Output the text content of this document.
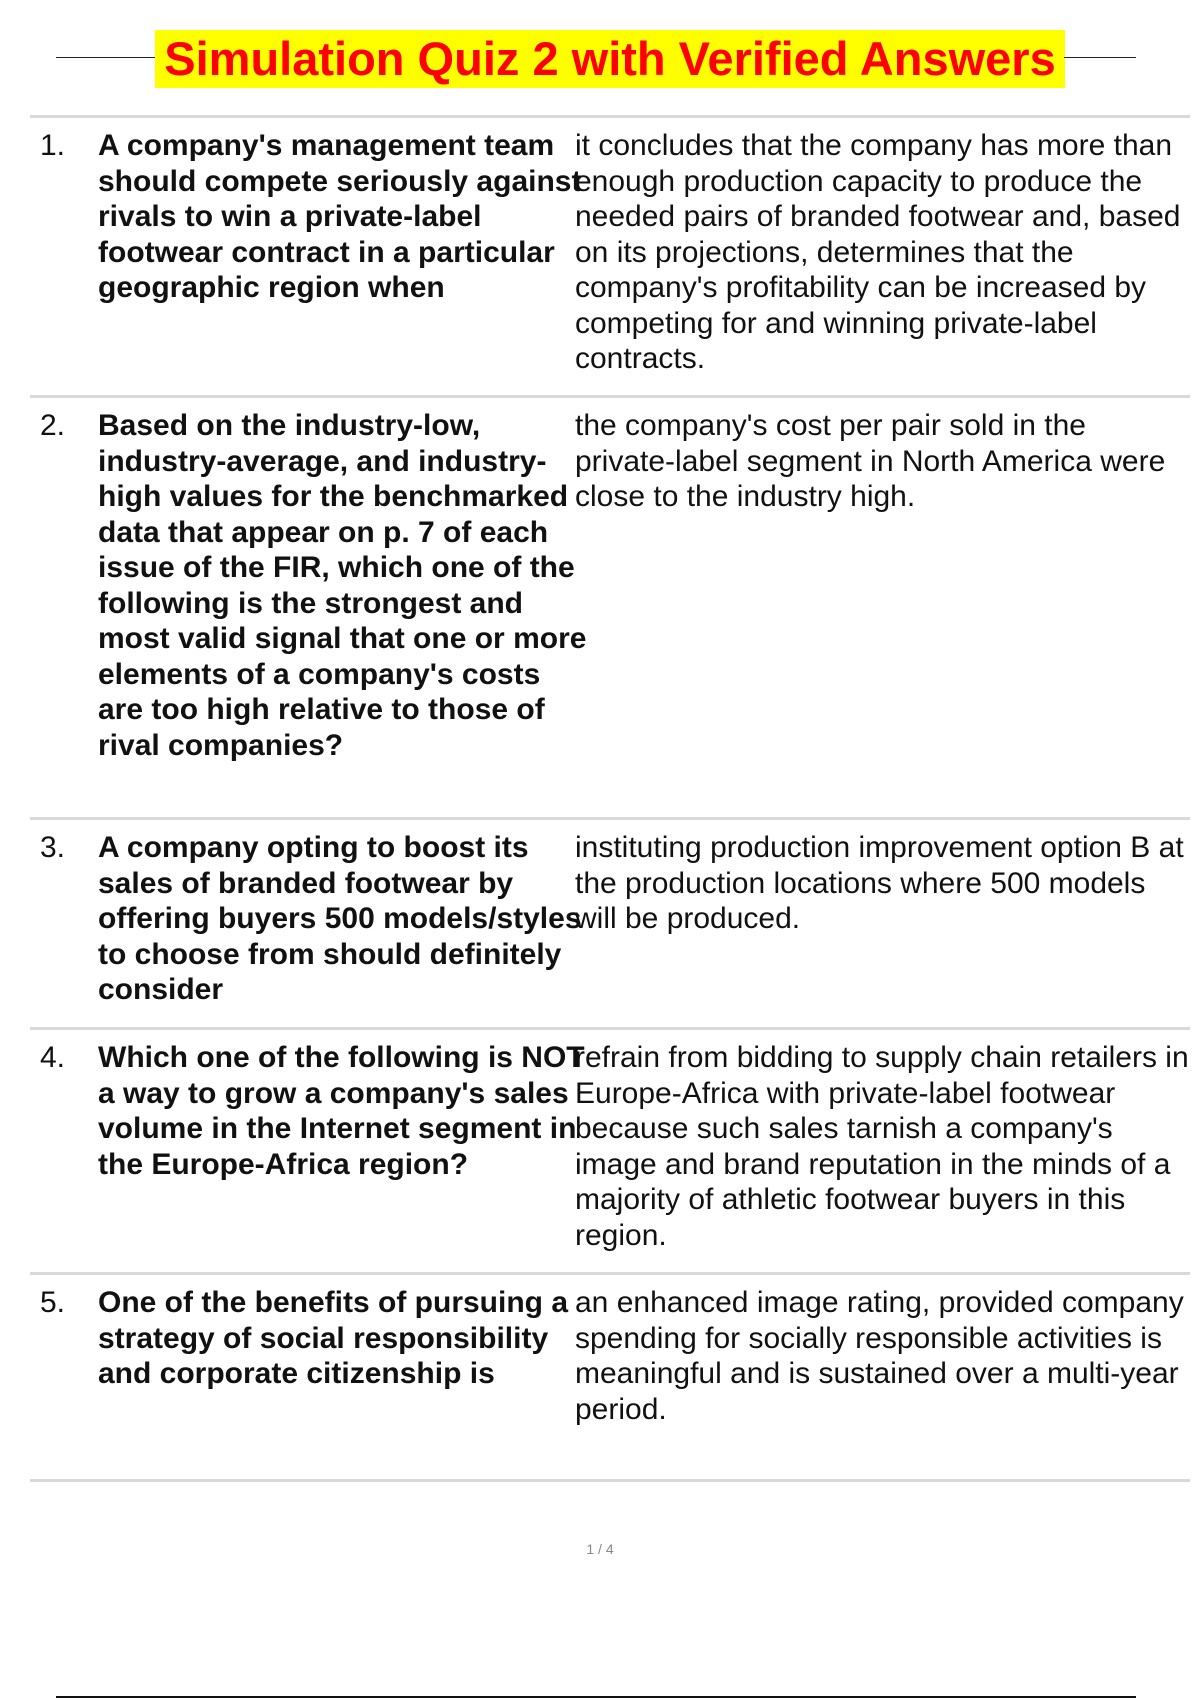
Simulation Quiz 2 with Verified Answers
1.	A company's management team should compete seriously against rivals to win a private-label footwear contract in a particular geographic region when
it concludes that the company has more than enough production capacity to produce the needed pairs of branded footwear and, based on its projections, determines that the company's profitability can be increased by competing for and winning private-label contracts.
2.	Based on the industry-low, industry-average, and industry-high values for the benchmarked data that appear on p. 7 of each issue of the FIR, which one of the following is the strongest and most valid signal that one or more elements of a company's costs are too high relative to those of rival companies?
the company's cost per pair sold in the private-label segment in North America were close to the industry high.
3.	A company opting to boost its sales of branded footwear by offering buyers 500 models/styles to choose from should definitely consider
instituting production improvement option B at the production locations where 500 models will be produced.
4.	Which one of the following is NOT a way to grow a company's sales volume in the Internet segment in the Europe-Africa region?
refrain from bidding to supply chain retailers in Europe-Africa with private-label footwear because such sales tarnish a company's image and brand reputation in the minds of a majority of athletic footwear buyers in this region.
5.	One of the benefits of pursuing a strategy of social responsibility and corporate citizenship is
an enhanced image rating, provided company spending for socially responsible activities is
meaningful and is sustained over a multi-year period.
1 / 4
